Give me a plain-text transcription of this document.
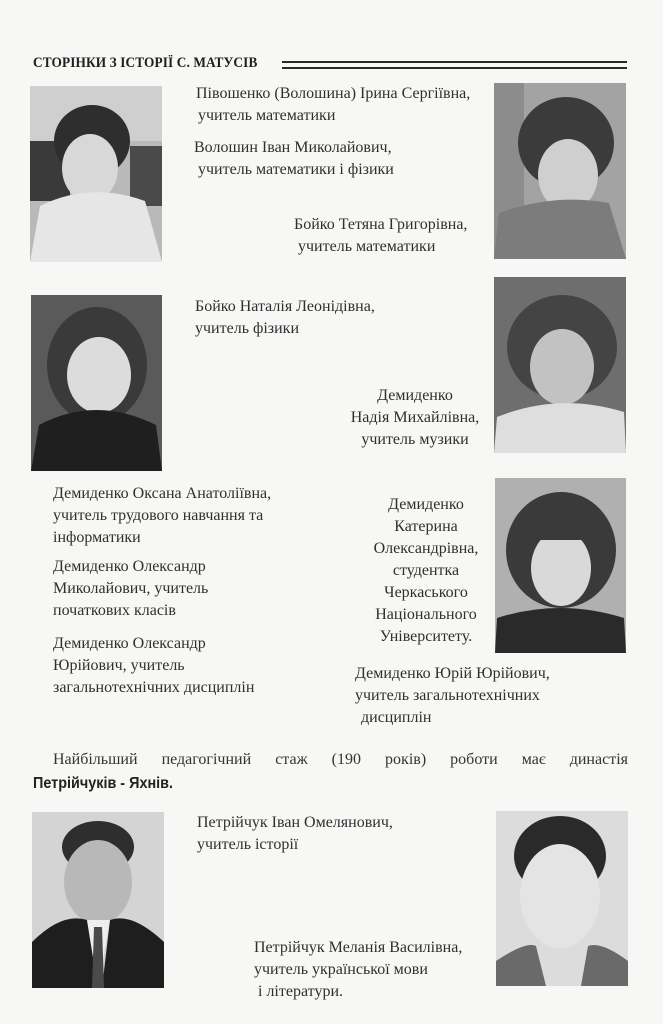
СТОРІНКИ З ІСТОРІЇ С. МАТУСІВ
Півошенко (Волошина) Ірина Сергіївна,
учитель математики
Волошин Іван Миколайович,
учитель математики і фізики
Бойко Тетяна Григорівна,
учитель математики
Бойко Наталія Леонідівна,
учитель фізики
Демиденко
Надія Михайлівна,
учитель музики
Демиденко Оксана Анатоліївна,
учитель трудового навчання та
інформатики
Демиденко Олександр
Миколайович, учитель
початкових класів
Демиденко Олександр
Юрійович, учитель
загальнотехнічних дисциплін
Демиденко
Катерина
Олександрівна,
студентка
Черкаського
Національного
Університету.
Демиденко Юрій Юрійович,
учитель загальнотехнічних
дисциплін
Найбільший педагогічний стаж (190 років) роботи має династія
Петрійчуків - Яхнів.
Петрійчук Іван Омелянович,
учитель історії
Петрійчук Меланія Василівна,
учитель української мови
і літератури.
